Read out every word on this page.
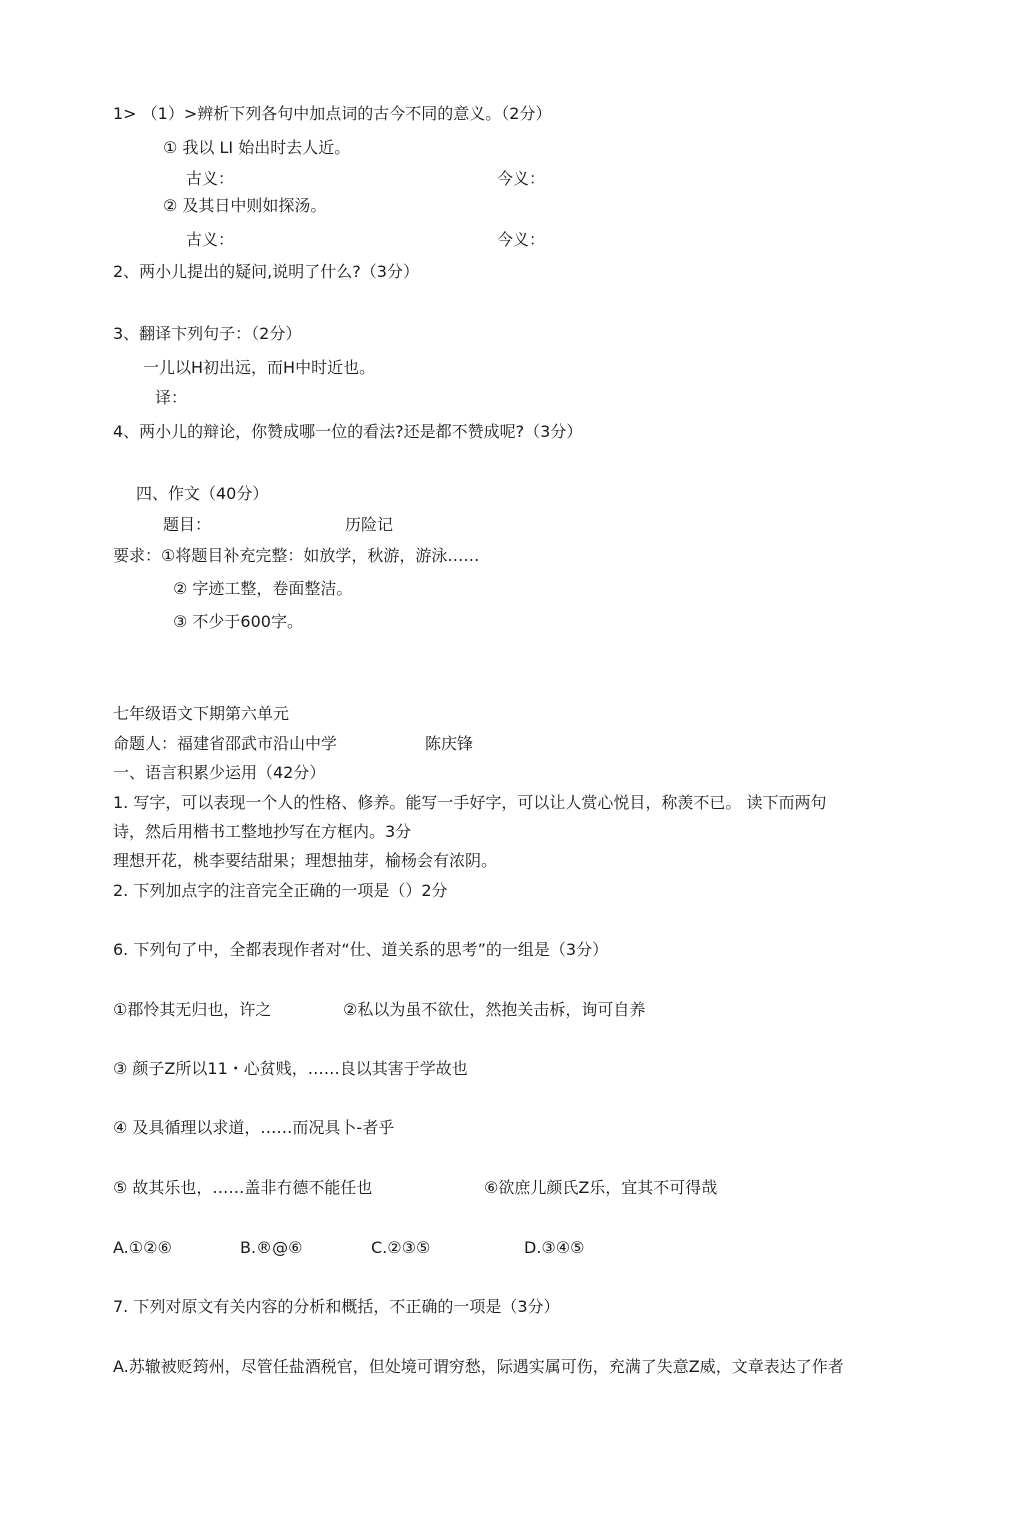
1> （1）>辨析下列各句中加点词的古今不同的意义。（2分）
① 我以 LI 始出时去人近。
古义：	今义：
② 及其日中则如探汤。
古义：	今义：
2、两小儿提出的疑问,说明了什么?（3分）
3、翻译卞列句子：（2分）
一儿以H初出远，而H中时近也。
译：
4、两小儿的辩论，你赞成哪一位的看法?还是都不赞成呢?（3分）
四、作文（40分）
题目：	历险记
要求：①将题目补充完整：如放学，秋游，游泳……
② 字迹工整，卷面整洁。
③ 不少于600字。
七年级语文下期第六单元
命题人：福建省邵武市沿山中学	陈庆锋
一、语言积累少运用（42分）
1. 写字，可以表现一个人的性格、修养。能写一手好字，可以让人赏心悦目，称羡不已。 读下而两句
诗，然后用楷书工整地抄写在方框内。3分
理想开花，桃李要结甜果；理想抽芽，榆杨会有浓阴。
2. 下列加点字的注音完全正确的一项是（）2分
6. 下列句了中，全都表现作者对“仕、道关系的思考”的一组是（3分）
①郡怜其无归也，许之	②私以为虽不欲仕，然抱关击柝，询可自养
③ 颜子Z所以11・心贫贱，……良以其害于学故也
④ 及具循理以求道，……而况具卜-者乎
⑤ 故其乐也，……盖非冇德不能任也	⑥欲庶儿颜氏Z乐，宜其不可得哉
A.①②⑥	B.®@⑥	C.②③⑤	D.③④⑤
7. 下列对原文有关内容的分析和概括，不正确的一项是（3分）
A.苏辙被贬筠州，尽管任盐酒税官，但处境可谓穷愁，际遇实属可伤，充满了失意Z威，文章表达了作者
